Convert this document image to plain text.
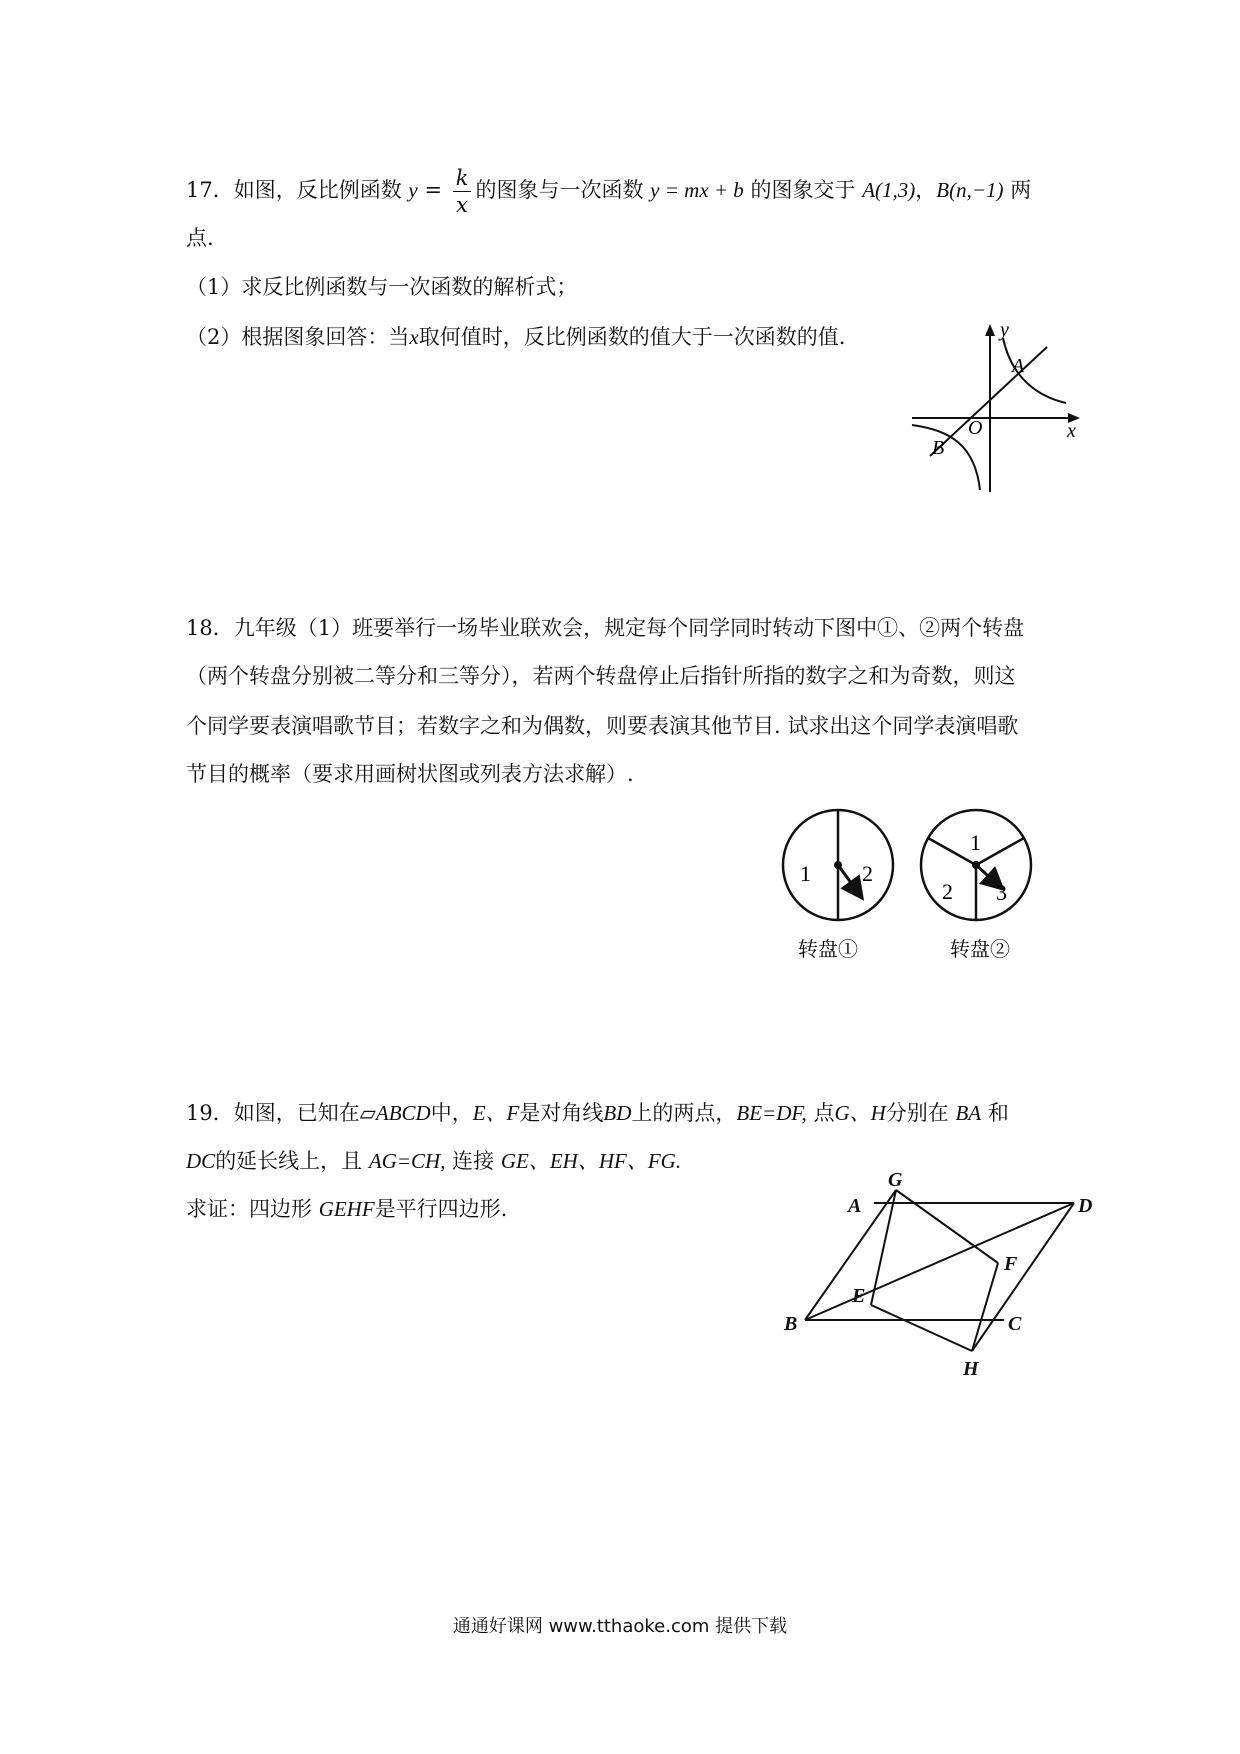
17．如图，反比例函数 $y = \frac{k}{x}$ 的图象与一次函数 y = mx + b 的图象交于 A(1,3)，B(n,−1) 两
点.
（1）求反比例函数与一次函数的解析式；
（2）根据图象回答：当x取何值时，反比例函数的值大于一次函数的值.	y
x
O
A
B
18．九年级（1）班要举行一场毕业联欢会，规定每个同学同时转动下图中①、②两个转盘
（两个转盘分别被二等分和三等分），若两个转盘停止后指针所指的数字之和为奇数，则这
个同学要表演唱歌节目；若数字之和为偶数，则要表演其他节目. 试求出这个同学表演唱歌
节目的概率（要求用画树状图或列表方法求解）.
1 2
转盘①
1
2 3
转盘②
19．如图，已知在▱ABCD中，E、F是对角线BD上的两点，BE=DF, 点G、H分别在 BA 和
DC的延长线上，且 AG=CH, 连接 GE、EH、HF、FG.
求证：四边形 GEHF是平行四边形.
G
A	D
F
E
B	C
H
通通好课网 www.tthaoke.com 提供下载
